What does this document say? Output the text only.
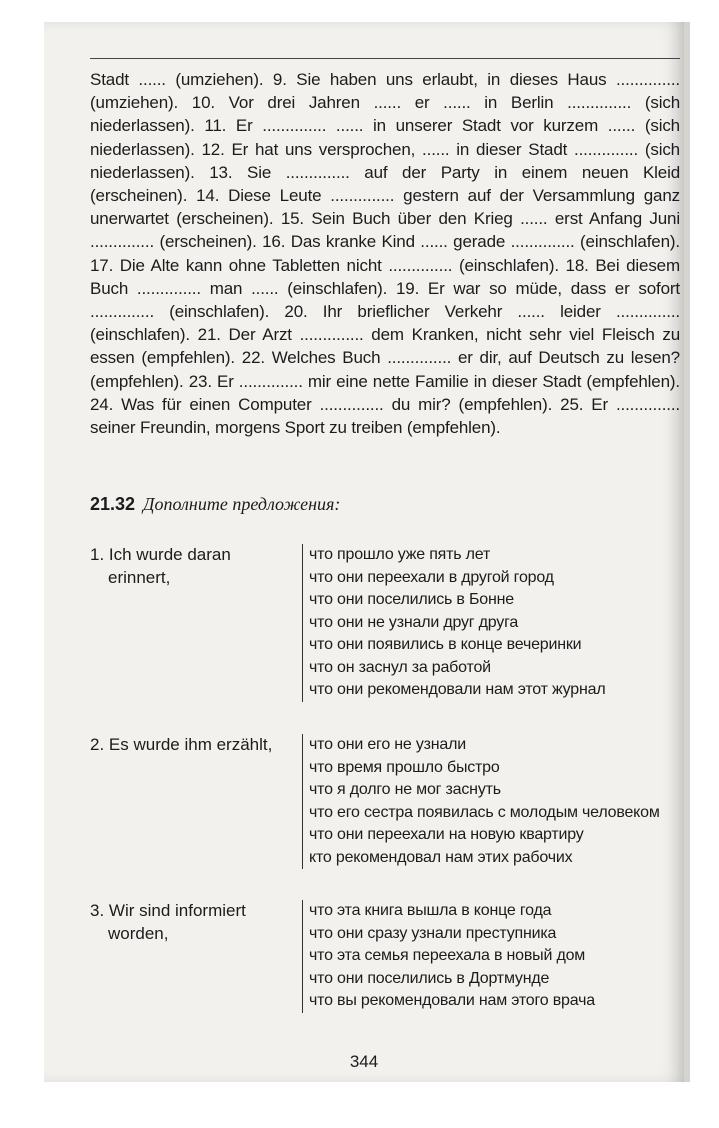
Stadt ...... (umziehen). 9. Sie haben uns erlaubt, in dieses Haus .............. (umziehen). 10. Vor drei Jahren ...... er ...... in Berlin .............. (sich niederlassen). 11. Er .............. ...... in unserer Stadt vor kurzem ...... (sich niederlassen). 12. Er hat uns versprochen, ...... in dieser Stadt .............. (sich niederlassen). 13. Sie .............. auf der Party in einem neuen Kleid (erscheinen). 14. Diese Leute .............. gestern auf der Versammlung ganz unerwartet (erscheinen). 15. Sein Buch über den Krieg ...... erst Anfang Juni .............. (erscheinen). 16. Das kranke Kind ...... gerade .............. (einschlafen). 17. Die Alte kann ohne Tabletten nicht .............. (einschlafen). 18. Bei diesem Buch .............. man ...... (einschlafen). 19. Er war so müde, dass er sofort .............. (einschlafen). 20. Ihr brieflicher Verkehr ...... leider .............. (einschlafen). 21. Der Arzt .............. dem Kranken, nicht sehr viel Fleisch zu essen (empfehlen). 22. Welches Buch .............. er dir, auf Deutsch zu lesen? (empfehlen). 23. Er .............. mir eine nette Familie in dieser Stadt (empfehlen). 24. Was für einen Computer .............. du mir? (empfehlen). 25. Er .............. seiner Freundin, morgens Sport zu treiben (empfehlen).

21.32 Дополните предложения:

1. Ich wurde daran
erinnert,
что прошло уже пять лет
что они переехали в другой город
что они поселились в Бонне
что они не узнали друг друга
что они появились в конце вечеринки
что он заснул за работой
что они рекомендовали нам этот журнал
2. Es wurde ihm erzählt,	что они его не узнали
что время прошло быстро
что я долго не мог заснуть
что его сестра появилась с молодым человеком
что они переехали на новую квартиру
кто рекомендовал нам этих рабочих
3. Wir sind informiert
worden,
что эта книга вышла в конце года
что они сразу узнали преступника
что эта семья переехала в новый дом
что они поселились в Дортмунде
что вы рекомендовали нам этого врача

344
